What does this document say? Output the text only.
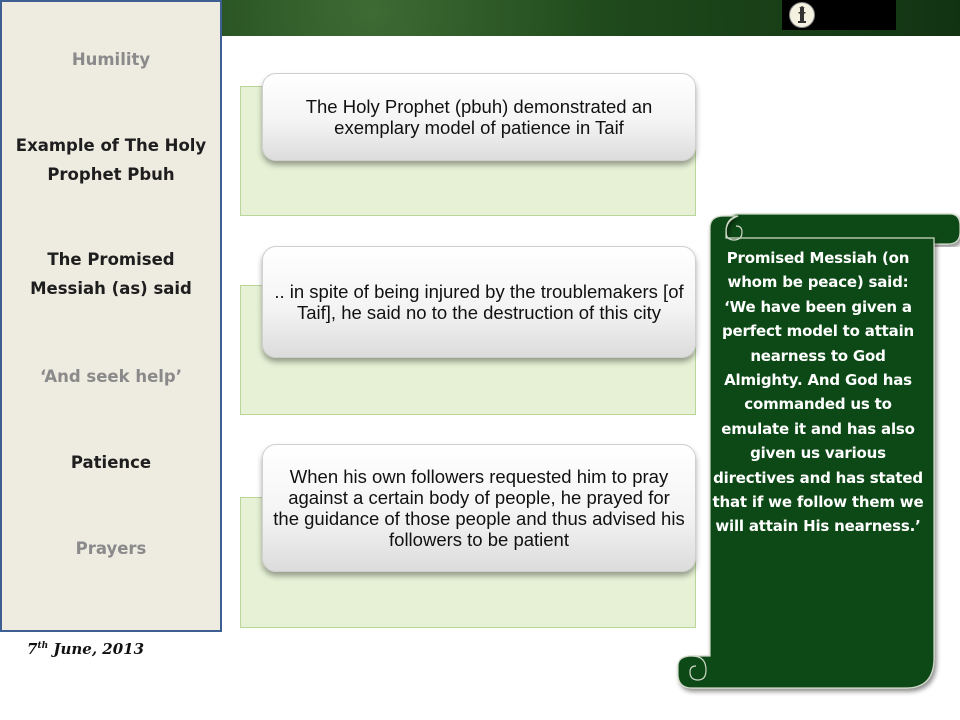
Humility
Example of The Holy Prophet Pbuh
The Promised Messiah (as) said
‘And seek help’
Patience
Prayers
7th June, 2013
The Holy Prophet (pbuh) demonstrated an exemplary model of patience in Taif
.. in spite of being injured by the troublemakers [of Taif], he said no to the destruction of this city
When his own followers requested him to pray against a certain body of people, he prayed for the guidance of those people and thus advised his followers to be patient
Promised Messiah (on whom be peace) said: ‘We have been given a perfect model to attain nearness to God Almighty. And God has commanded us to emulate it and has also given us various directives and has stated that if we follow them we will attain His nearness.’
